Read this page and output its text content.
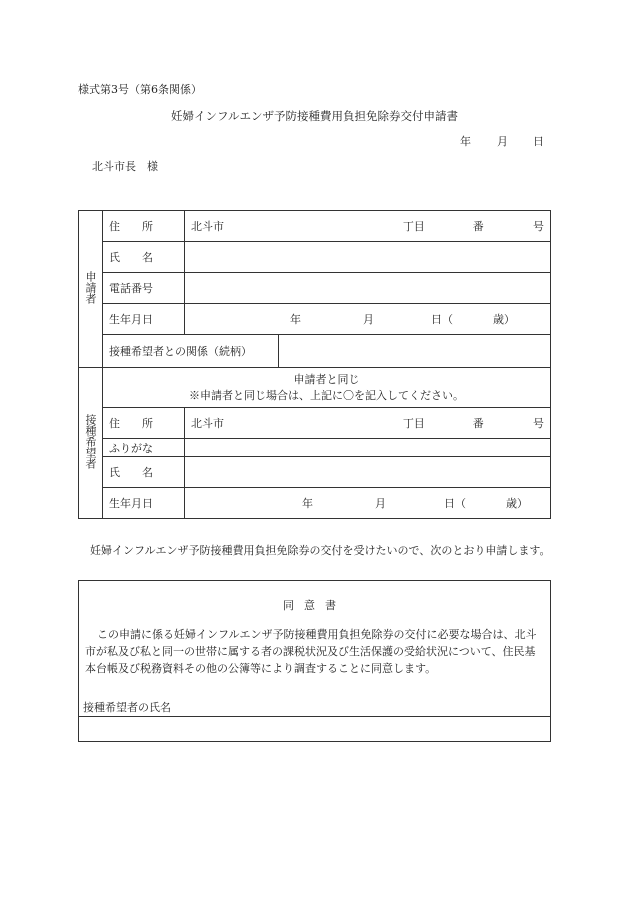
様式第3号（第6条関係）
妊婦インフルエンザ予防接種費用負担免除券交付申請書
年 月 日
北斗市長　様
申請者	住　　所	北斗市 丁目 番 号	

	氏　　名		
	電話番号		
	生年月日	年 月 日（ 歳）	

	接種希望者との関係（続柄）		
接種希望者	申請者と同じ
※申請者と同じ場合は、上記に〇を記入してください。		

	住　　所	北斗市 丁目 番 号	

	ふりがな		
	氏　　名		
	生年月日	年 月 日（ 歳）	
妊婦インフルエンザ予防接種費用負担免除券の交付を受けたいので、次のとおり申請します。
同意書
この申請に係る妊婦インフルエンザ予防接種費用負担免除券の交付に必要な場合は、北斗市が私及び私と同一の世帯に属する者の課税状況及び生活保護の受給状況について、住民基本台帳及び税務資料その他の公簿等により調査することに同意します。
接種希望者の氏名
